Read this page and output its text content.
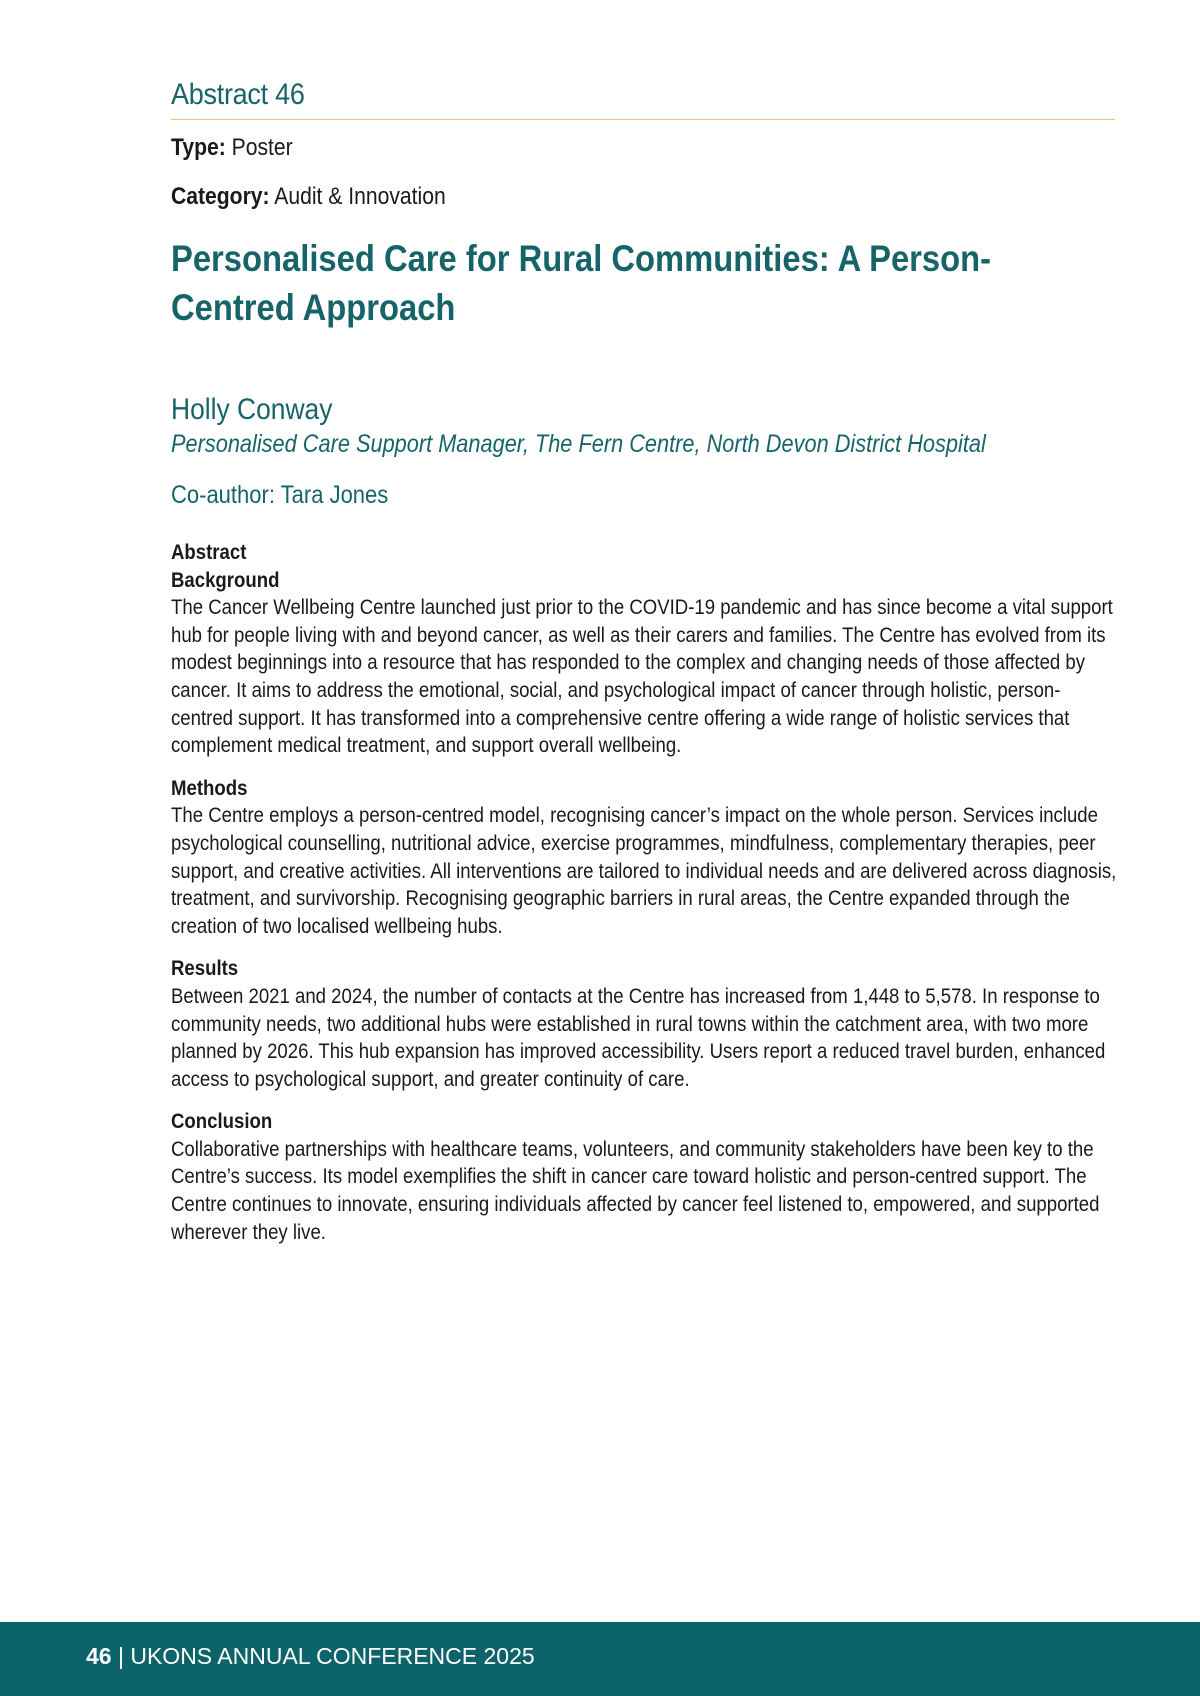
Abstract 46
Type: Poster
Category: Audit & Innovation
Personalised Care for Rural Communities: A Person-Centred Approach
Holly Conway
Personalised Care Support Manager, The Fern Centre, North Devon District Hospital
Co-author: Tara Jones

Abstract

Background

The Cancer Wellbeing Centre launched just prior to the COVID-19 pandemic and has since become a vital support hub for people living with and beyond cancer, as well as their carers and families. The Centre has evolved from its modest beginnings into a resource that has responded to the complex and changing needs of those affected by cancer. It aims to address the emotional, social, and psychological impact of cancer through holistic, person-centred support. It has transformed into a comprehensive centre offering a wide range of holistic services that complement medical treatment, and support overall wellbeing.

Methods

The Centre employs a person-centred model, recognising cancer’s impact on the whole person. Services include psychological counselling, nutritional advice, exercise programmes, mindfulness, complementary therapies, peer support, and creative activities. All interventions are tailored to individual needs and are delivered across diagnosis, treatment, and survivorship. Recognising geographic barriers in rural areas, the Centre expanded through the creation of two localised wellbeing hubs.

Results

Between 2021 and 2024, the number of contacts at the Centre has increased from 1,448 to 5,578. In response to community needs, two additional hubs were established in rural towns within the catchment area, with two more planned by 2026. This hub expansion has improved accessibility. Users report a reduced travel burden, enhanced access to psychological support, and greater continuity of care.

Conclusion

Collaborative partnerships with healthcare teams, volunteers, and community stakeholders have been key to the Centre’s success. Its model exemplifies the shift in cancer care toward holistic and person-centred support. The Centre continues to innovate, ensuring individuals affected by cancer feel listened to, empowered, and supported wherever they live.

46 | UKONS ANNUAL CONFERENCE 2025
